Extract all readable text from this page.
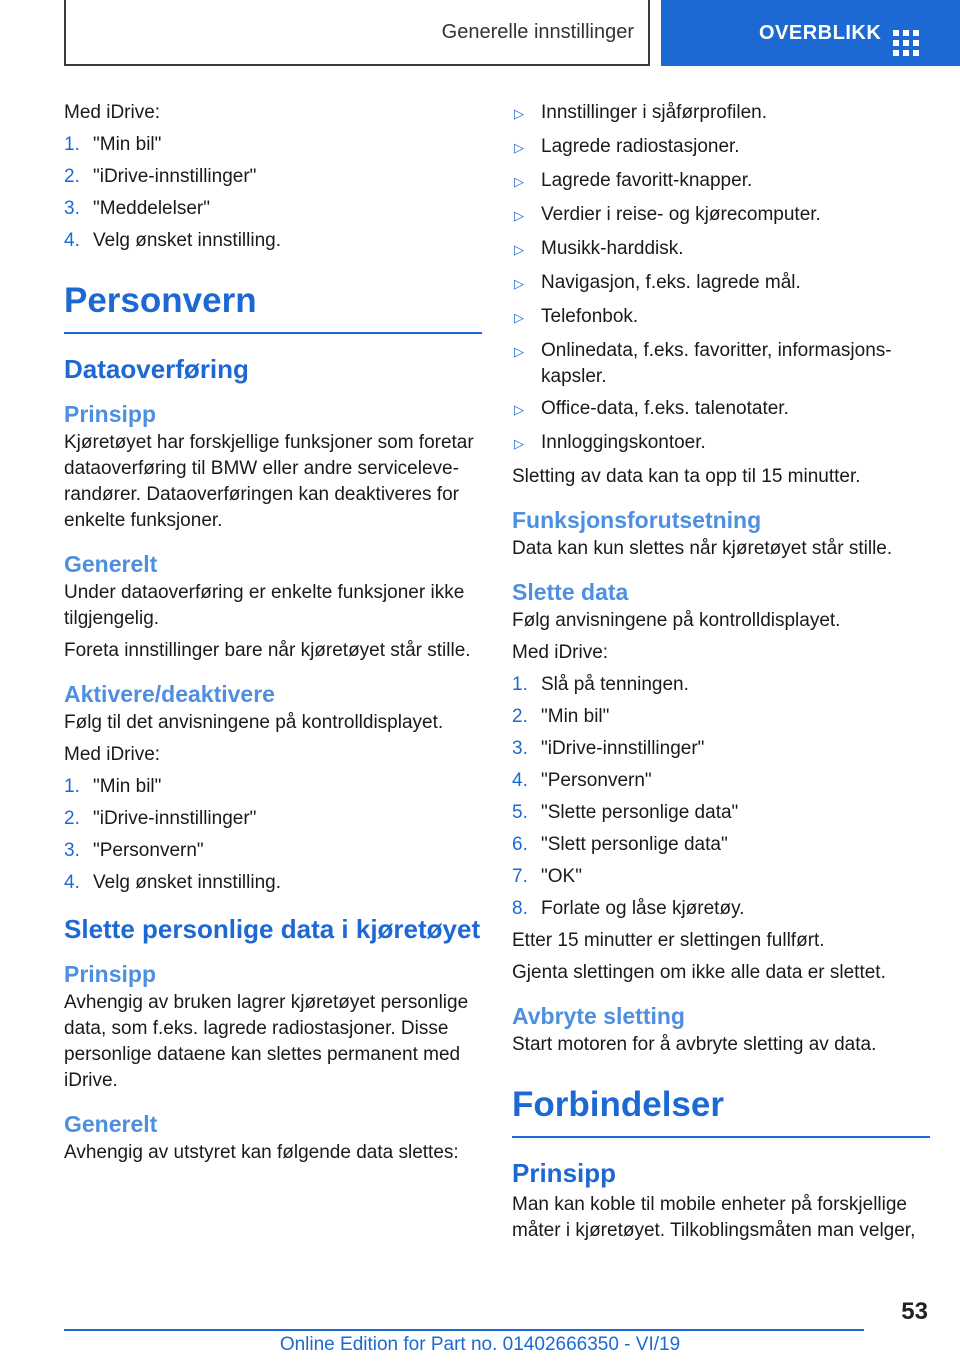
Generelle innstillinger	OVERBLIKK

Med iDrive:

1. "Min bil"
2. "iDrive-innstillinger"
3. "Meddelelser"
4. Velg ønsket innstilling.
Personvern
Dataoverføring
Prinsipp

Kjøretøyet har forskjellige funksjoner som foretar dataoverføring til BMW eller andre serviceleverandører. Dataoverføringen kan deaktiveres for enkelte funksjoner.

Generelt

Under dataoverføring er enkelte funksjoner ikke tilgjengelig.

Foreta innstillinger bare når kjøretøyet står stille.

Aktivere/deaktivere

Følg til det anvisningene på kontrolldisplayet.

Med iDrive:

1. "Min bil"
2. "iDrive-innstillinger"
3. "Personvern"
4. Velg ønsket innstilling.
Slette personlige data i kjøretøyet
Prinsipp

Avhengig av bruken lagrer kjøretøyet personlige data, som f.eks. lagrede radiostasjoner. Disse personlige dataene kan slettes permanent med iDrive.

Generelt

Avhengig av utstyret kan følgende data slettes:

▷ Innstillinger i sjåførprofilen.
▷ Lagrede radiostasjoner.
▷ Lagrede favoritt-knapper.
▷ Verdier i reise- og kjørecomputer.
▷ Musikk-harddisk.
▷ Navigasjon, f.eks. lagrede mål.
▷ Telefonbok.
▷ Onlinedata, f.eks. favoritter, informasjonskapsler.
▷ Office-data, f.eks. talenotater.
▷ Innloggingskontoer.

Sletting av data kan ta opp til 15 minutter.

Funksjonsforutsetning

Data kan kun slettes når kjøretøyet står stille.

Slette data

Følg anvisningene på kontrolldisplayet.

Med iDrive:

1. Slå på tenningen.
2. "Min bil"
3. "iDrive-innstillinger"
4. "Personvern"
5. "Slette personlige data"
6. "Slett personlige data"
7. "OK"
8. Forlate og låse kjøretøy.

Etter 15 minutter er slettingen fullført.

Gjenta slettingen om ikke alle data er slettet.

Avbryte sletting

Start motoren for å avbryte sletting av data.

Forbindelser
Prinsipp

Man kan koble til mobile enheter på forskjellige måter i kjøretøyet. Tilkoblingsmåten man velger,

53
Online Edition for Part no. 01402666350 - VI/19
